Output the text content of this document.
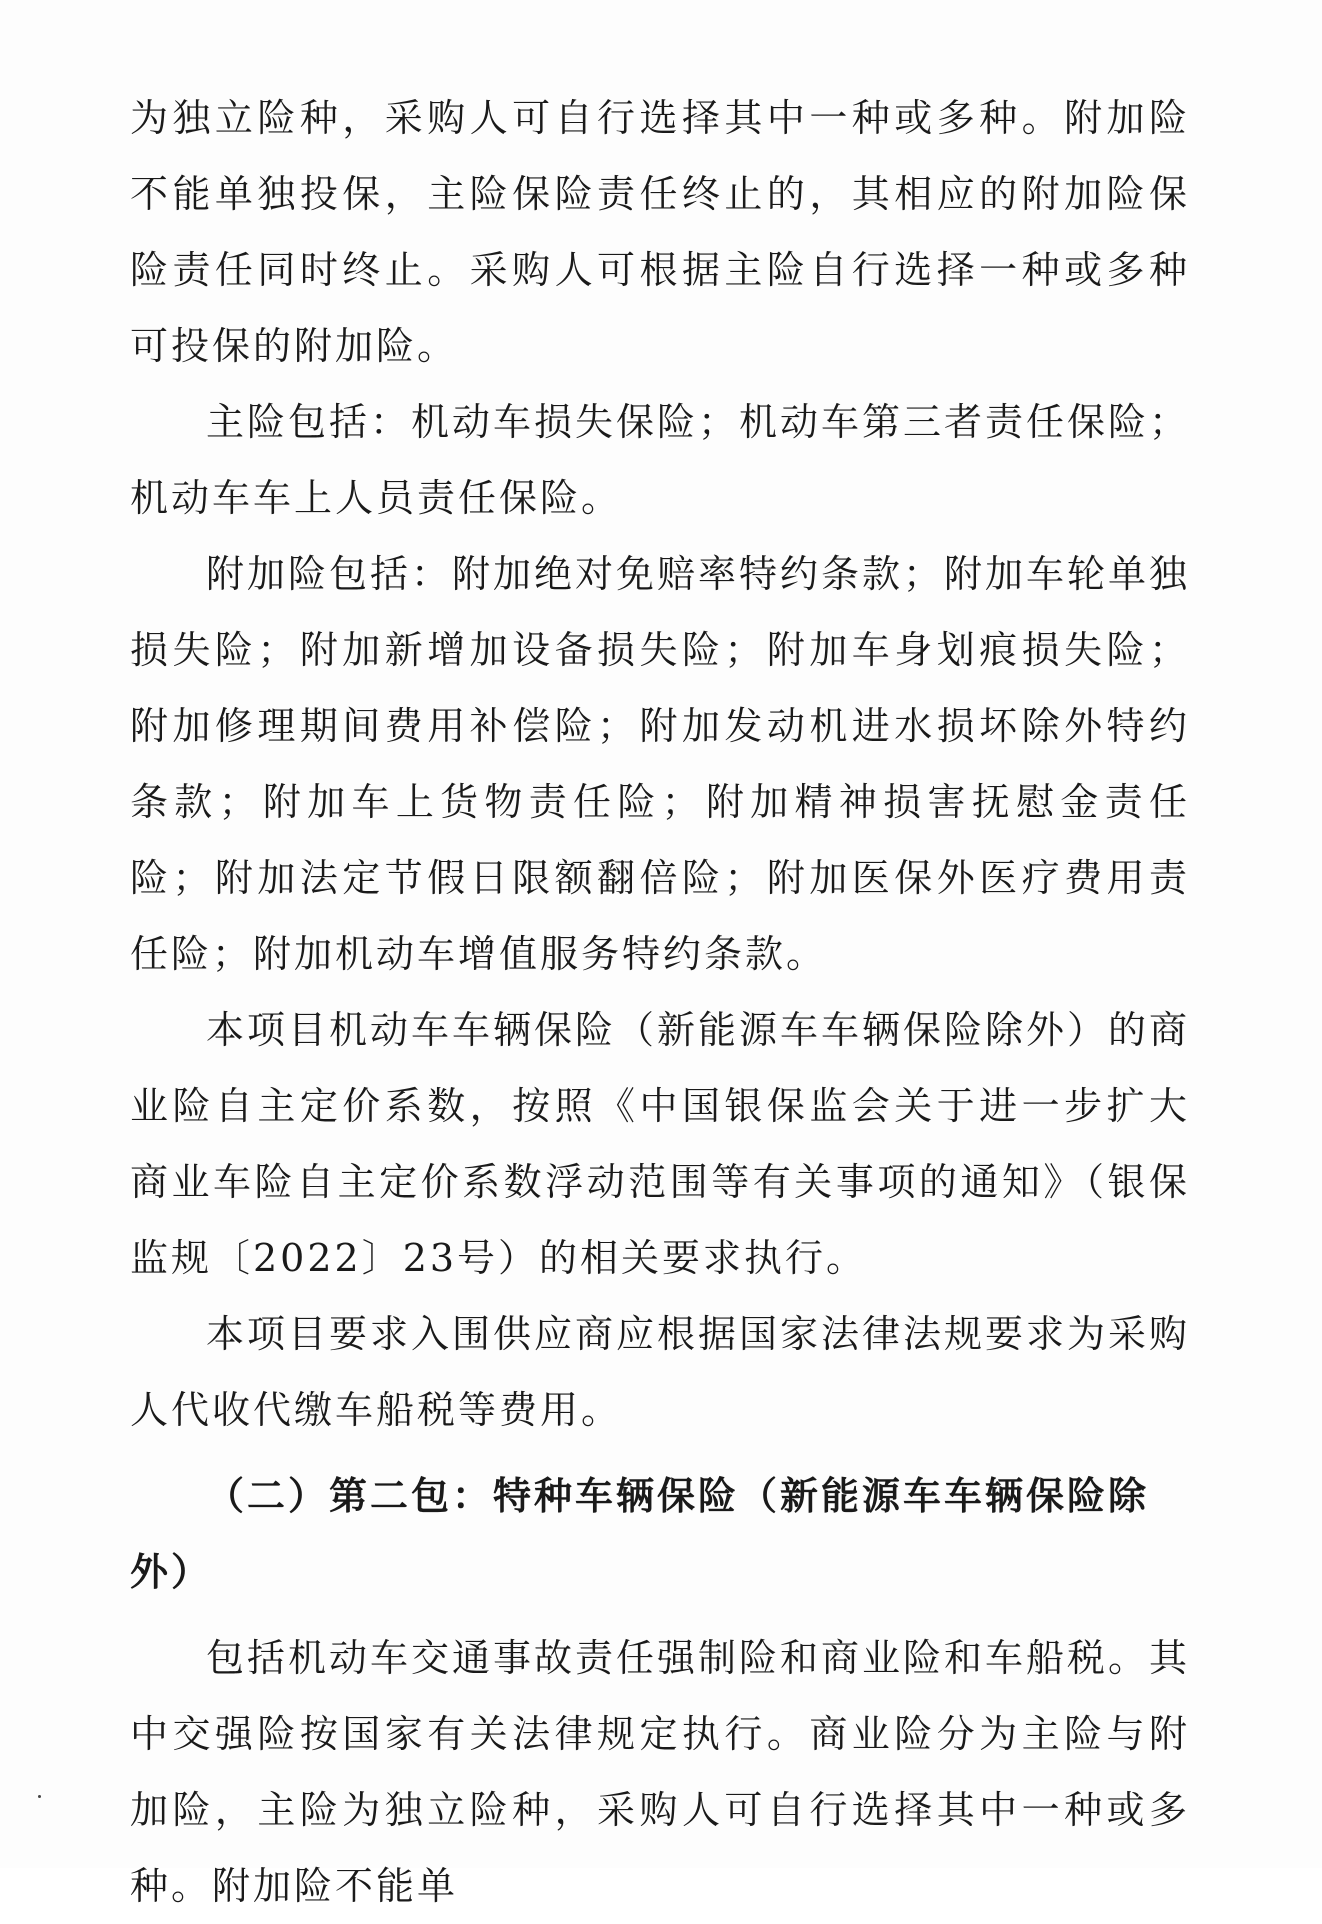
为独立险种，采购人可自行选择其中一种或多种。附加险不能单独投保，主险保险责任终止的，其相应的附加险保险责任同时终止。采购人可根据主险自行选择一种或多种可投保的附加险。

主险包括：机动车损失保险；机动车第三者责任保险；机动车车上人员责任保险。

附加险包括：附加绝对免赔率特约条款；附加车轮单独损失险；附加新增加设备损失险；附加车身划痕损失险；附加修理期间费用补偿险；附加发动机进水损坏除外特约条款；附加车上货物责任险；附加精神损害抚慰金责任险；附加法定节假日限额翻倍险；附加医保外医疗费用责任险；附加机动车增值服务特约条款。

本项目机动车车辆保险（新能源车车辆保险除外）的商业险自主定价系数，按照《中国银保监会关于进一步扩大商业车险自主定价系数浮动范围等有关事项的通知》（银保监规〔2022〕23号）的相关要求执行。

本项目要求入围供应商应根据国家法律法规要求为采购人代收代缴车船税等费用。

（二）第二包：特种车辆保险（新能源车车辆保险除外）

包括机动车交通事故责任强制险和商业险和车船税。其中交强险按国家有关法律规定执行。商业险分为主险与附加险，主险为独立险种，采购人可自行选择其中一种或多种。附加险不能单
